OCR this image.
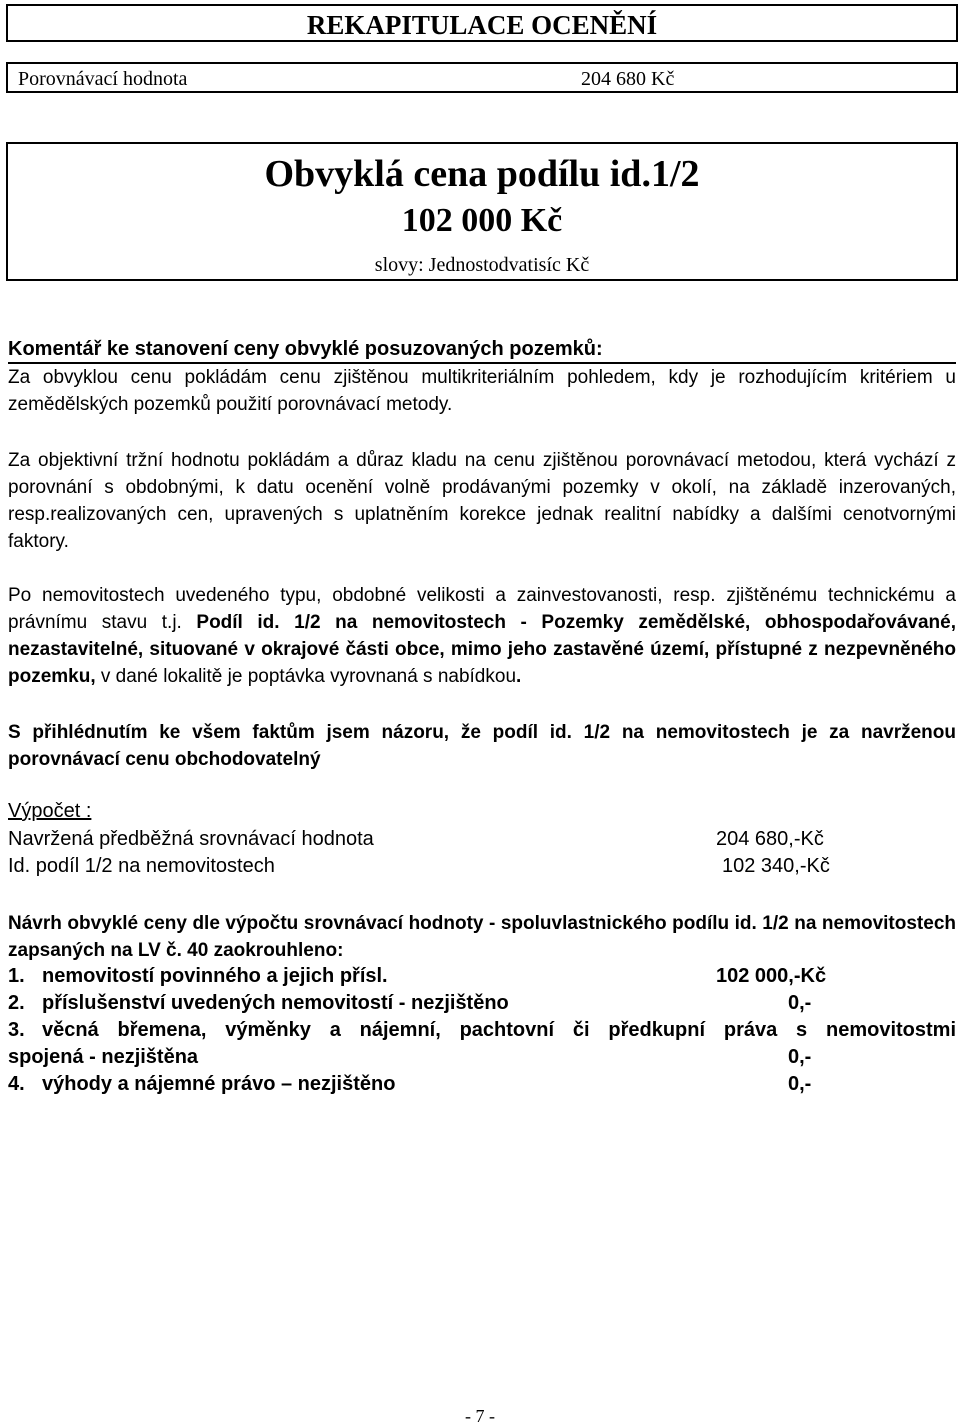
REKAPITULACE OCENĚNÍ
Porovnávací hodnota	204 680 Kč
Obvyklá cena podílu id.1/2
102 000 Kč
slovy: Jednostodvatisíc Kč
Komentář ke stanovení ceny obvyklé posuzovaných pozemků:
Za obvyklou cenu pokládám cenu zjištěnou multikriteriálním pohledem, kdy je rozhodujícím kritériem u zemědělských pozemků použití porovnávací metody.
Za objektivní tržní hodnotu pokládám a důraz kladu na cenu zjištěnou porovnávací metodou, která vychází z porovnání s obdobnými, k datu ocenění volně prodávanými pozemky v okolí, na základě inzerovaných, resp.realizovaných cen, upravených s uplatněním korekce jednak realitní nabídky a dalšími cenotvornými faktory.
Po nemovitostech uvedeného typu, obdobné velikosti a zainvestovanosti, resp. zjištěnému technickému a právnímu stavu t.j. Podíl id. 1/2 na nemovitostech - Pozemky zemědělské, obhospodařovávané, nezastavitelné, situované v okrajové části obce, mimo jeho zastavěné území, přístupné z nezpevněného pozemku, v dané lokalitě je poptávka vyrovnaná s nabídkou.
S přihlédnutím ke všem faktům jsem názoru, že podíl id. 1/2 na nemovitostech je za navrženou porovnávací cenu obchodovatelný
Výpočet :
Navržená předběžná srovnávací hodnota	204 680,-Kč
Id. podíl 1/2 na nemovitostech	102 340,-Kč
Návrh obvyklé ceny dle výpočtu srovnávací hodnoty - spoluvlastnického podílu id. 1/2 na nemovitostech zapsaných na LV č. 40 zaokrouhleno:
1. nemovitostí povinného a jejich přísl.	102 000,-Kč
2. příslušenství uvedených nemovitostí - nezjištěno	0,-
3. věcná břemena, výměnky a nájemní, pachtovní či předkupní práva s nemovitostmi
spojená - nezjištěna	0,-
4. výhody a nájemné právo – nezjištěno	0,-
- 7 -
